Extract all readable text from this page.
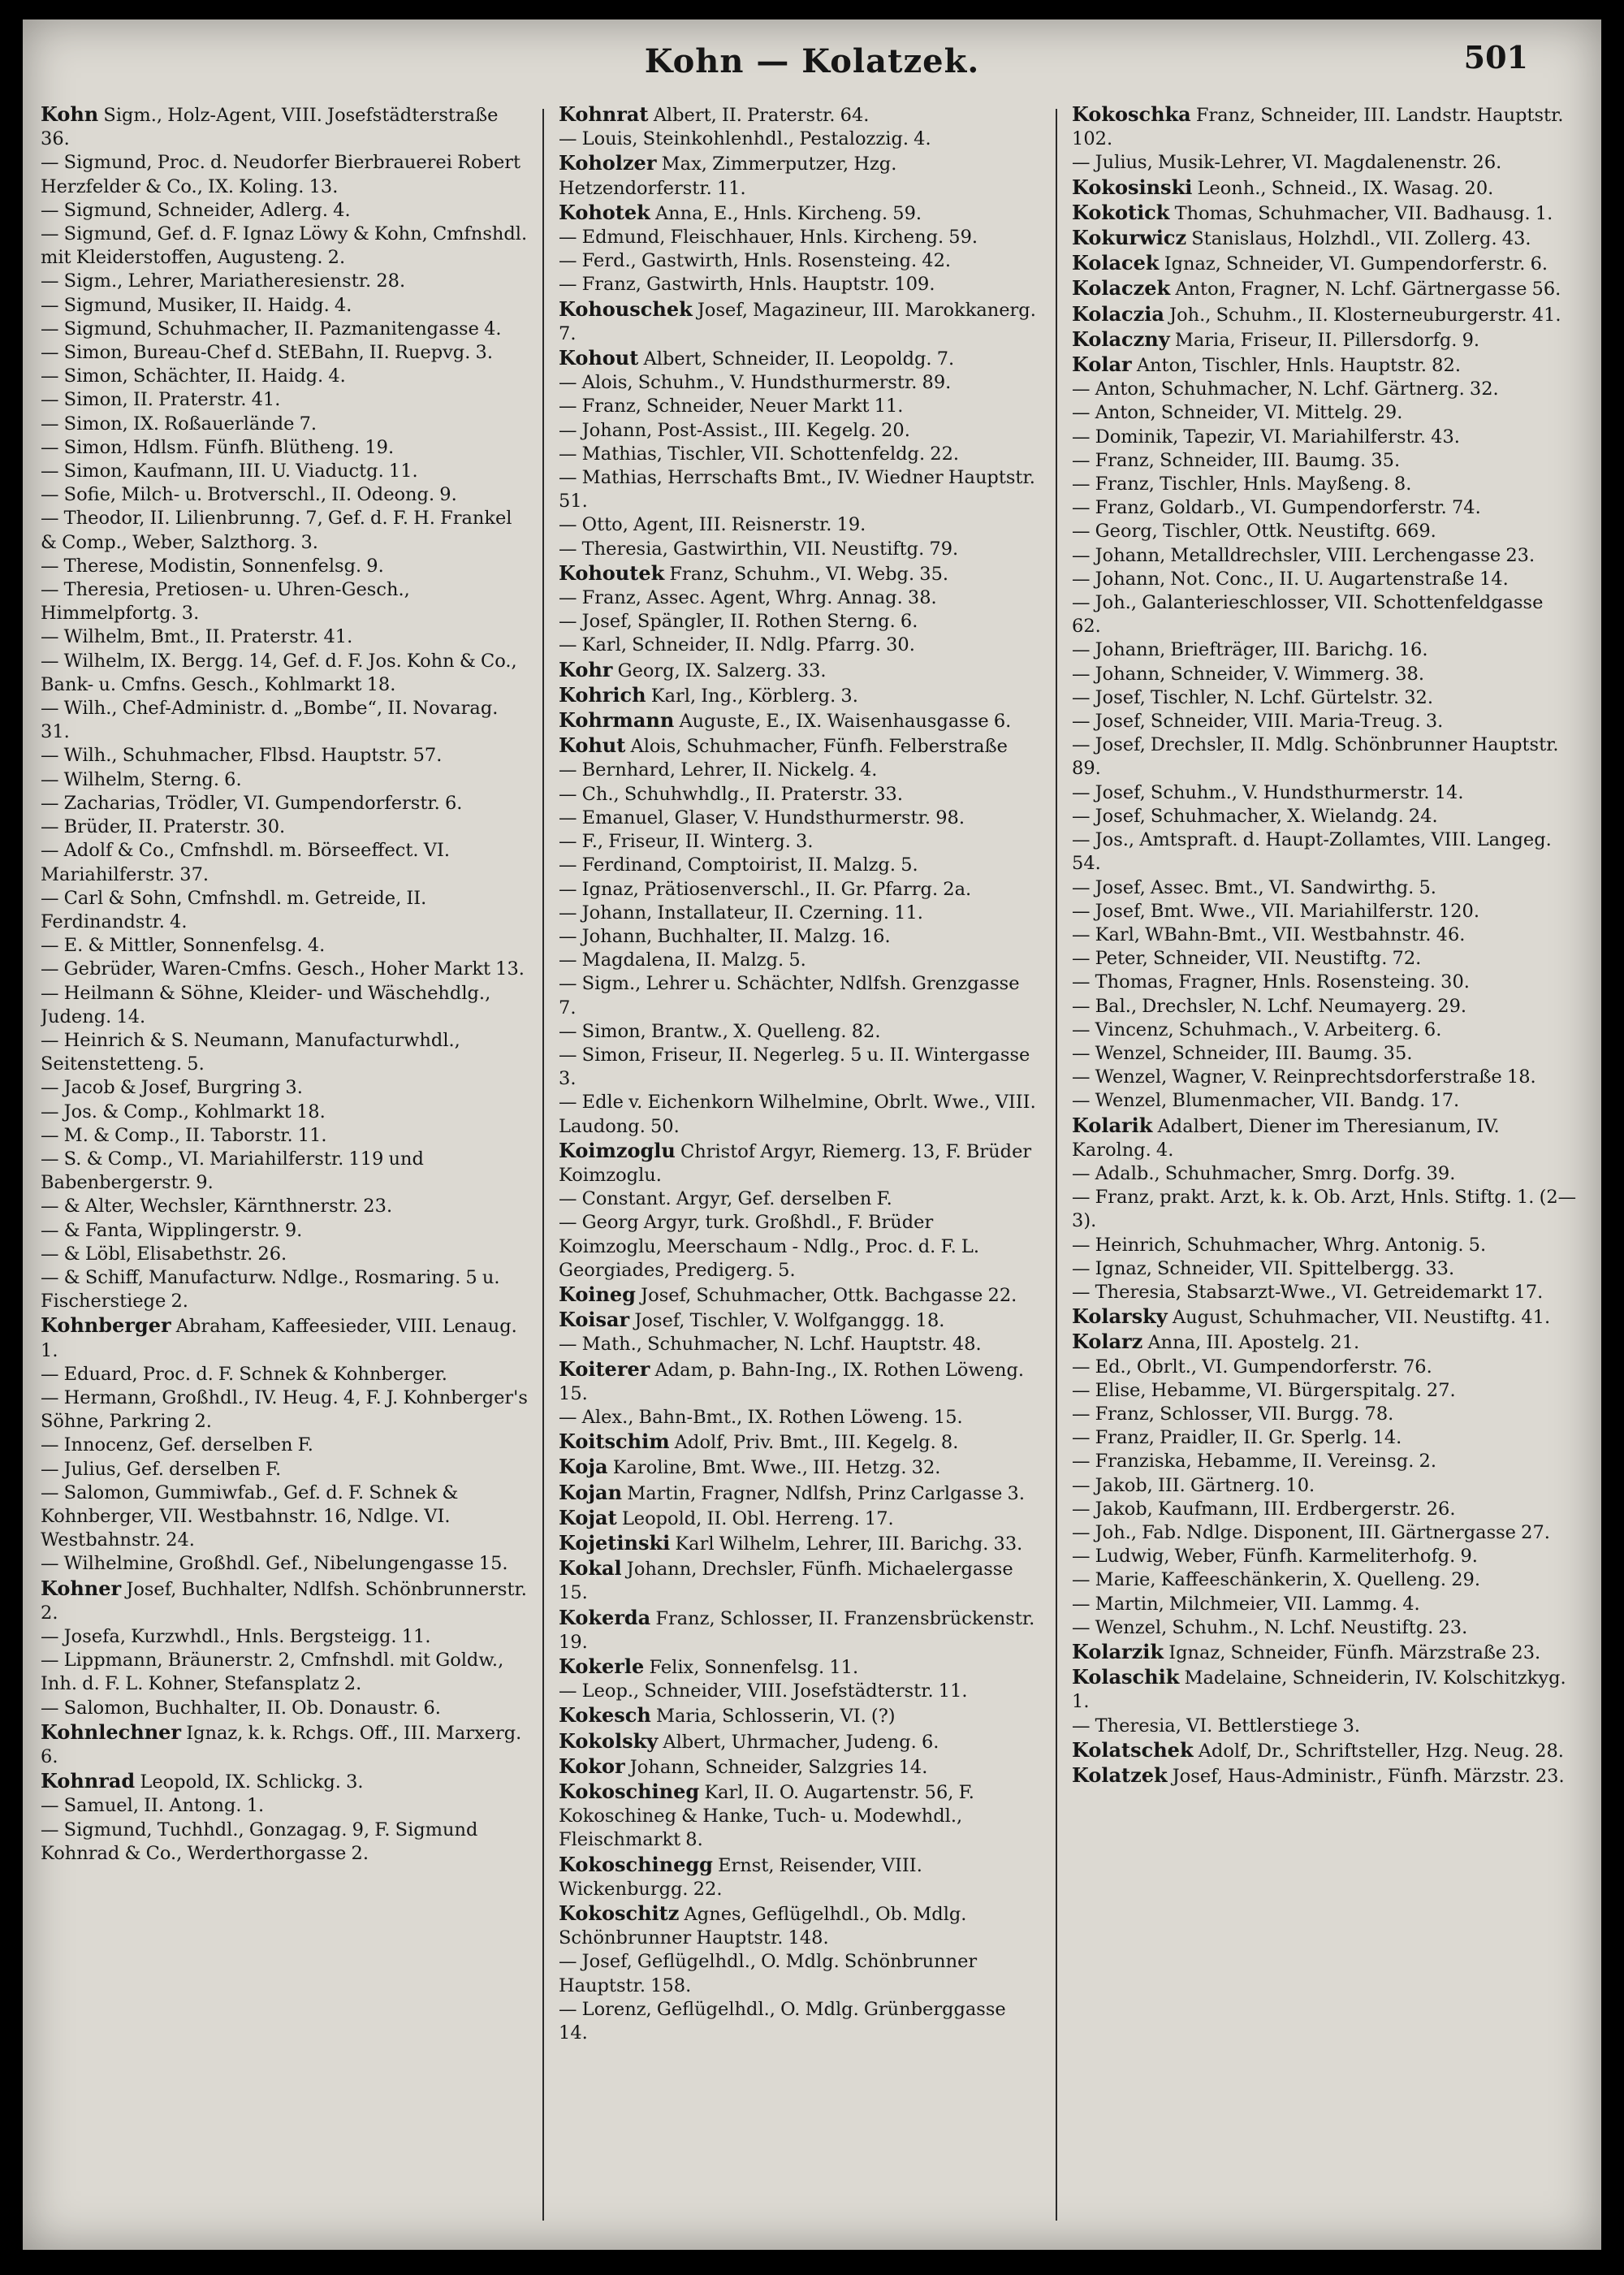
Kohn — Kolatzek.	501

Kohn Sigm., Holz-Agent, VIII. Josefstädterstraße 36.

— Sigmund, Proc. d. Neudorfer Bierbrauerei Robert Herzfelder & Co., IX. Koling. 13.

— Sigmund, Schneider, Adlerg. 4.

— Sigmund, Gef. d. F. Ignaz Löwy & Kohn, Cmfnshdl. mit Kleiderstoffen, Augusteng. 2.

— Sigm., Lehrer, Mariatheresienstr. 28.

— Sigmund, Musiker, II. Haidg. 4.

— Sigmund, Schuhmacher, II. Pazmanitengasse 4.

— Simon, Bureau-Chef d. StEBahn, II. Ruepvg. 3.

— Simon, Schächter, II. Haidg. 4.

— Simon, II. Praterstr. 41.

— Simon, IX. Roßauerlände 7.

— Simon, Hdlsm. Fünfh. Blütheng. 19.

— Simon, Kaufmann, III. U. Viaductg. 11.

— Sofie, Milch- u. Brotverschl., II. Odeong. 9.

— Theodor, II. Lilienbrunng. 7, Gef. d. F. H. Frankel & Comp., Weber, Salzthorg. 3.

— Therese, Modistin, Sonnenfelsg. 9.

— Theresia, Pretiosen- u. Uhren-Gesch., Himmelpfortg. 3.

— Wilhelm, Bmt., II. Praterstr. 41.

— Wilhelm, IX. Bergg. 14, Gef. d. F. Jos. Kohn & Co., Bank- u. Cmfns. Gesch., Kohlmarkt 18.

— Wilh., Chef-Administr. d. „Bombe“, II. Novarag. 31.

— Wilh., Schuhmacher, Flbsd. Hauptstr. 57.

— Wilhelm, Sterng. 6.

— Zacharias, Trödler, VI. Gumpendorferstr. 6.

— Brüder, II. Praterstr. 30.

— Adolf & Co., Cmfnshdl. m. Börseeffect. VI. Mariahilferstr. 37.

— Carl & Sohn, Cmfnshdl. m. Getreide, II. Ferdinandstr. 4.

— E. & Mittler, Sonnenfelsg. 4.

— Gebrüder, Waren-Cmfns. Gesch., Hoher Markt 13.

— Heilmann & Söhne, Kleider- und Wäschehdlg., Judeng. 14.

— Heinrich & S. Neumann, Manufacturwhdl., Seitenstetteng. 5.

— Jacob & Josef, Burgring 3.

— Jos. & Comp., Kohlmarkt 18.

— M. & Comp., II. Taborstr. 11.

— S. & Comp., VI. Mariahilferstr. 119 und Babenbergerstr. 9.

— & Alter, Wechsler, Kärnthnerstr. 23.

— & Fanta, Wipplingerstr. 9.

— & Löbl, Elisabethstr. 26.

— & Schiff, Manufacturw. Ndlge., Rosmaring. 5 u. Fischerstiege 2.

Kohnberger Abraham, Kaffeesieder, VIII. Lenaug. 1.

— Eduard, Proc. d. F. Schnek & Kohnberger.

— Hermann, Großhdl., IV. Heug. 4, F. J. Kohnberger's Söhne, Parkring 2.

— Innocenz, Gef. derselben F.

— Julius, Gef. derselben F.

— Salomon, Gummiwfab., Gef. d. F. Schnek & Kohnberger, VII. Westbahnstr. 16, Ndlge. VI. Westbahnstr. 24.

— Wilhelmine, Großhdl. Gef., Nibelungengasse 15.

Kohner Josef, Buchhalter, Ndlfsh. Schönbrunnerstr. 2.

— Josefa, Kurzwhdl., Hnls. Bergsteigg. 11.

— Lippmann, Bräunerstr. 2, Cmfnshdl. mit Goldw., Inh. d. F. L. Kohner, Stefansplatz 2.

— Salomon, Buchhalter, II. Ob. Donaustr. 6.

Kohnlechner Ignaz, k. k. Rchgs. Off., III. Marxerg. 6.

Kohnrad Leopold, IX. Schlickg. 3.

— Samuel, II. Antong. 1.

— Sigmund, Tuchhdl., Gonzagag. 9, F. Sigmund Kohnrad & Co., Werderthorgasse 2.

Kohnrat Albert, II. Praterstr. 64.

— Louis, Steinkohlenhdl., Pestalozzig. 4.

Koholzer Max, Zimmerputzer, Hzg. Hetzendorferstr. 11.

Kohotek Anna, E., Hnls. Kircheng. 59.

— Edmund, Fleischhauer, Hnls. Kircheng. 59.

— Ferd., Gastwirth, Hnls. Rosensteing. 42.

— Franz, Gastwirth, Hnls. Hauptstr. 109.

Kohouschek Josef, Magazineur, III. Marokkanerg. 7.

Kohout Albert, Schneider, II. Leopoldg. 7.

— Alois, Schuhm., V. Hundsthurmerstr. 89.

— Franz, Schneider, Neuer Markt 11.

— Johann, Post-Assist., III. Kegelg. 20.

— Mathias, Tischler, VII. Schottenfeldg. 22.

— Mathias, Herrschafts Bmt., IV. Wiedner Hauptstr. 51.

— Otto, Agent, III. Reisnerstr. 19.

— Theresia, Gastwirthin, VII. Neustiftg. 79.

Kohoutek Franz, Schuhm., VI. Webg. 35.

— Franz, Assec. Agent, Whrg. Annag. 38.

— Josef, Spängler, II. Rothen Sterng. 6.

— Karl, Schneider, II. Ndlg. Pfarrg. 30.

Kohr Georg, IX. Salzerg. 33.

Kohrich Karl, Ing., Körblerg. 3.

Kohrmann Auguste, E., IX. Waisenhausgasse 6.

Kohut Alois, Schuhmacher, Fünfh. Felberstraße

— Bernhard, Lehrer, II. Nickelg. 4.

— Ch., Schuhwhdlg., II. Praterstr. 33.

— Emanuel, Glaser, V. Hundsthurmerstr. 98.

— F., Friseur, II. Winterg. 3.

— Ferdinand, Comptoirist, II. Malzg. 5.

— Ignaz, Prätiosenverschl., II. Gr. Pfarrg. 2a.

— Johann, Installateur, II. Czerning. 11.

— Johann, Buchhalter, II. Malzg. 16.

— Magdalena, II. Malzg. 5.

— Sigm., Lehrer u. Schächter, Ndlfsh. Grenzgasse 7.

— Simon, Brantw., X. Quelleng. 82.

— Simon, Friseur, II. Negerleg. 5 u. II. Wintergasse 3.

— Edle v. Eichenkorn Wilhelmine, Obrlt. Wwe., VIII. Laudong. 50.

Koimzoglu Christof Argyr, Riemerg. 13, F. Brüder Koimzoglu.

— Constant. Argyr, Gef. derselben F.

— Georg Argyr, turk. Großhdl., F. Brüder Koimzoglu, Meerschaum - Ndlg., Proc. d. F. L. Georgiades, Predigerg. 5.

Koineg Josef, Schuhmacher, Ottk. Bachgasse 22.

Koisar Josef, Tischler, V. Wolfganggg. 18.

— Math., Schuhmacher, N. Lchf. Hauptstr. 48.

Koiterer Adam, p. Bahn-Ing., IX. Rothen Löweng. 15.

— Alex., Bahn-Bmt., IX. Rothen Löweng. 15.

Koitschim Adolf, Priv. Bmt., III. Kegelg. 8.

Koja Karoline, Bmt. Wwe., III. Hetzg. 32.

Kojan Martin, Fragner, Ndlfsh, Prinz Carlgasse 3.

Kojat Leopold, II. Obl. Herreng. 17.

Kojetinski Karl Wilhelm, Lehrer, III. Barichg. 33.

Kokal Johann, Drechsler, Fünfh. Michaelergasse 15.

Kokerda Franz, Schlosser, II. Franzensbrückenstr. 19.

Kokerle Felix, Sonnenfelsg. 11.

— Leop., Schneider, VIII. Josefstädterstr. 11.

Kokesch Maria, Schlosserin, VI. (?)

Kokolsky Albert, Uhrmacher, Judeng. 6.

Kokor Johann, Schneider, Salzgries 14.

Kokoschineg Karl, II. O. Augartenstr. 56, F. Kokoschineg & Hanke, Tuch- u. Modewhdl., Fleischmarkt 8.

Kokoschinegg Ernst, Reisender, VIII. Wickenburgg. 22.

Kokoschitz Agnes, Geflügelhdl., Ob. Mdlg. Schönbrunner Hauptstr. 148.

— Josef, Geflügelhdl., O. Mdlg. Schönbrunner Hauptstr. 158.

— Lorenz, Geflügelhdl., O. Mdlg. Grünberggasse 14.

Kokoschka Franz, Schneider, III. Landstr. Hauptstr. 102.

— Julius, Musik-Lehrer, VI. Magdalenenstr. 26.

Kokosinski Leonh., Schneid., IX. Wasag. 20.

Kokotick Thomas, Schuhmacher, VII. Badhausg. 1.

Kokurwicz Stanislaus, Holzhdl., VII. Zollerg. 43.

Kolacek Ignaz, Schneider, VI. Gumpendorferstr. 6.

Kolaczek Anton, Fragner, N. Lchf. Gärtnergasse 56.

Kolaczia Joh., Schuhm., II. Klosterneuburgerstr. 41.

Kolaczny Maria, Friseur, II. Pillersdorfg. 9.

Kolar Anton, Tischler, Hnls. Hauptstr. 82.

— Anton, Schuhmacher, N. Lchf. Gärtnerg. 32.

— Anton, Schneider, VI. Mittelg. 29.

— Dominik, Tapezir, VI. Mariahilferstr. 43.

— Franz, Schneider, III. Baumg. 35.

— Franz, Tischler, Hnls. Mayßeng. 8.

— Franz, Goldarb., VI. Gumpendorferstr. 74.

— Georg, Tischler, Ottk. Neustiftg. 669.

— Johann, Metalldrechsler, VIII. Lerchengasse 23.

— Johann, Not. Conc., II. U. Augartenstraße 14.

— Joh., Galanterieschlosser, VII. Schottenfeldgasse 62.

— Johann, Briefträger, III. Barichg. 16.

— Johann, Schneider, V. Wimmerg. 38.

— Josef, Tischler, N. Lchf. Gürtelstr. 32.

— Josef, Schneider, VIII. Maria-Treug. 3.

— Josef, Drechsler, II. Mdlg. Schönbrunner Hauptstr. 89.

— Josef, Schuhm., V. Hundsthurmerstr. 14.

— Josef, Schuhmacher, X. Wielandg. 24.

— Jos., Amtspraft. d. Haupt-Zollamtes, VIII. Langeg. 54.

— Josef, Assec. Bmt., VI. Sandwirthg. 5.

— Josef, Bmt. Wwe., VII. Mariahilferstr. 120.

— Karl, WBahn-Bmt., VII. Westbahnstr. 46.

— Peter, Schneider, VII. Neustiftg. 72.

— Thomas, Fragner, Hnls. Rosensteing. 30.

— Bal., Drechsler, N. Lchf. Neumayerg. 29.

— Vincenz, Schuhmach., V. Arbeiterg. 6.

— Wenzel, Schneider, III. Baumg. 35.

— Wenzel, Wagner, V. Reinprechtsdorferstraße 18.

— Wenzel, Blumenmacher, VII. Bandg. 17.

Kolarik Adalbert, Diener im Theresianum, IV. Karolng. 4.

— Adalb., Schuhmacher, Smrg. Dorfg. 39.

— Franz, prakt. Arzt, k. k. Ob. Arzt, Hnls. Stiftg. 1. (2—3).

— Heinrich, Schuhmacher, Whrg. Antonig. 5.

— Ignaz, Schneider, VII. Spittelbergg. 33.

— Theresia, Stabsarzt-Wwe., VI. Getreidemarkt 17.

Kolarsky August, Schuhmacher, VII. Neustiftg. 41.

Kolarz Anna, III. Apostelg. 21.

— Ed., Obrlt., VI. Gumpendorferstr. 76.

— Elise, Hebamme, VI. Bürgerspitalg. 27.

— Franz, Schlosser, VII. Burgg. 78.

— Franz, Praidler, II. Gr. Sperlg. 14.

— Franziska, Hebamme, II. Vereinsg. 2.

— Jakob, III. Gärtnerg. 10.

— Jakob, Kaufmann, III. Erdbergerstr. 26.

— Joh., Fab. Ndlge. Disponent, III. Gärtnergasse 27.

— Ludwig, Weber, Fünfh. Karmeliterhofg. 9.

— Marie, Kaffeeschänkerin, X. Quelleng. 29.

— Martin, Milchmeier, VII. Lammg. 4.

— Wenzel, Schuhm., N. Lchf. Neustiftg. 23.

Kolarzik Ignaz, Schneider, Fünfh. Märzstraße 23.

Kolaschik Madelaine, Schneiderin, IV. Kolschitzkyg. 1.

— Theresia, VI. Bettlerstiege 3.

Kolatschek Adolf, Dr., Schriftsteller, Hzg. Neug. 28.

Kolatzek Josef, Haus-Administr., Fünfh. Märzstr. 23.
